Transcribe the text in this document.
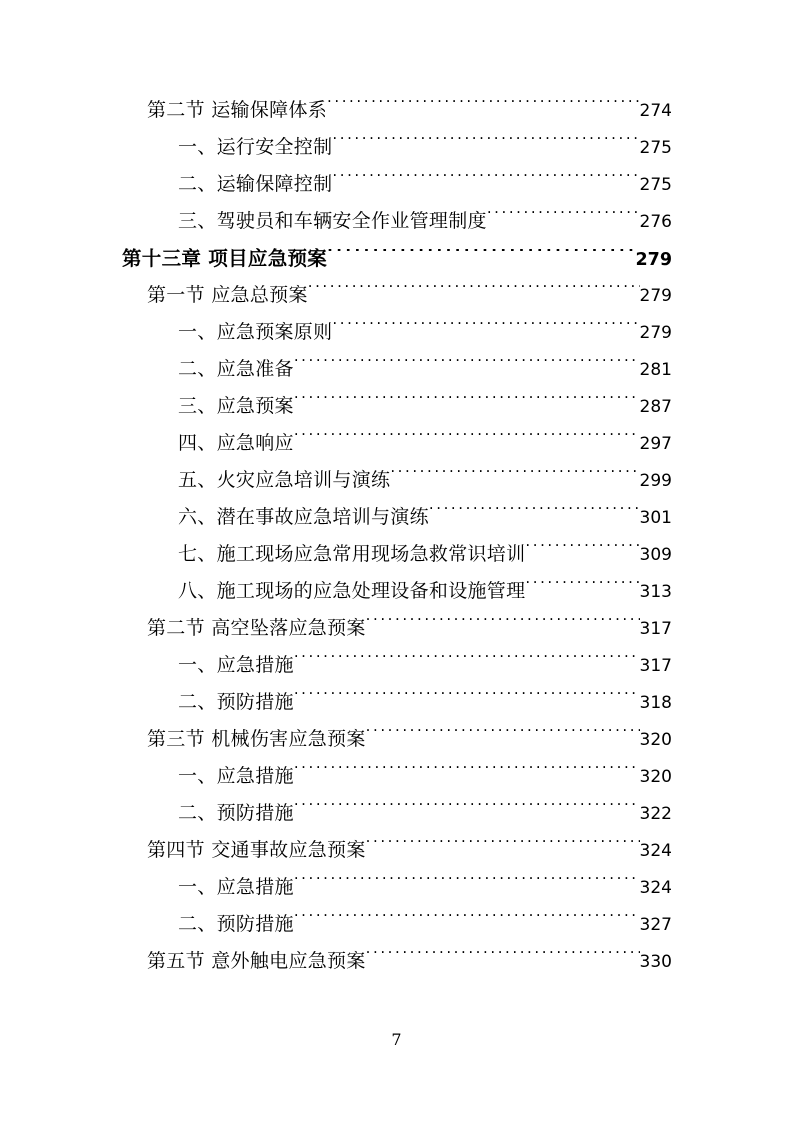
第二节 运输保障体系 . . .	274
一、运行安全控制 . . .	275
二、运输保障控制 . . .	275
三、驾驶员和车辆安全作业管理制度 . . .	276
第十三章 项目应急预案 . . .	279
第一节 应急总预案 . . .	279
一、应急预案原则 . . .	279
二、应急准备 . . .	281
三、应急预案 . . .	287
四、应急响应 . . .	297
五、火灾应急培训与演练 . . .	299
六、潜在事故应急培训与演练 . . .	301
七、施工现场应急常用现场急救常识培训 . . .	309
八、施工现场的应急处理设备和设施管理 . . .	313
第二节 高空坠落应急预案 . . .	317
一、应急措施 . . .	317
二、预防措施 . . .	318
第三节 机械伤害应急预案 . . .	320
一、应急措施 . . .	320
二、预防措施 . . .	322
第四节 交通事故应急预案 . . .	324
一、应急措施 . . .	324
二、预防措施 . . .	327
第五节 意外触电应急预案 . . .	330
7
